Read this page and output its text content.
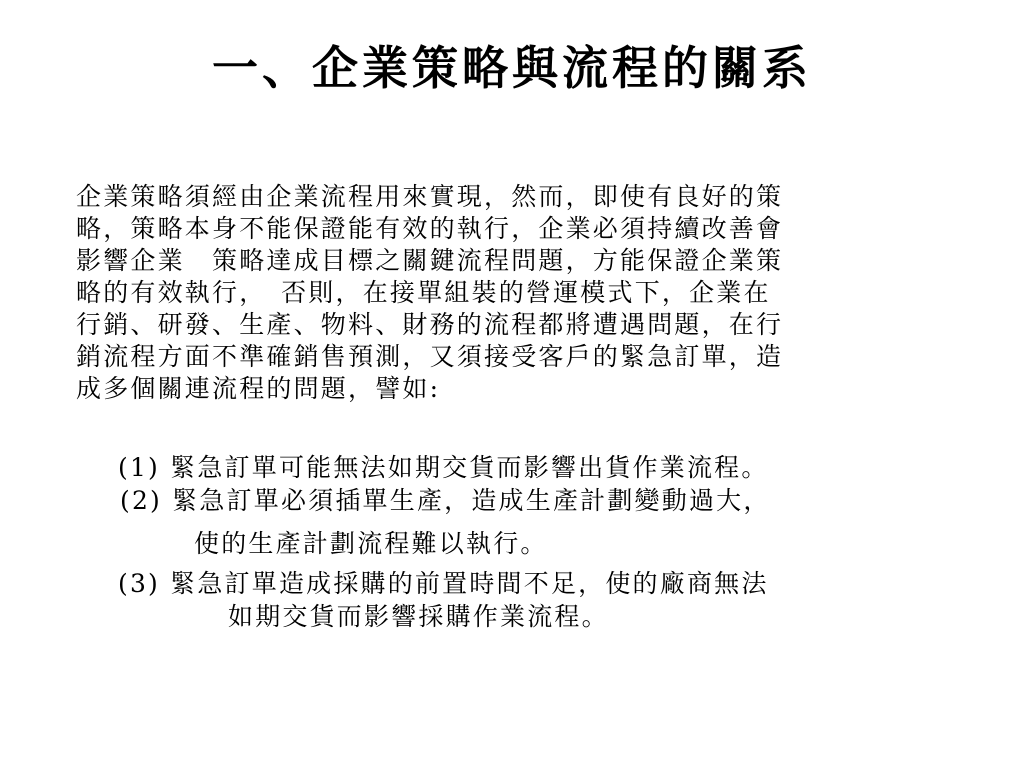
一、企業策略與流程的關系
企業策略須經由企業流程用來實現，然而，即使有良好的策
略，策略本身不能保證能有效的執行，企業必須持續改善會
影響企業　策略達成目標之關鍵流程問題，方能保證企業策
略的有效執行，　否則，在接單組裝的營運模式下，企業在
行銷、研發、生產、物料、財務的流程都將遭遇問題，在行
銷流程方面不準確銷售預測，又須接受客戶的緊急訂單，造
成多個關連流程的問題，譬如:
(1) 緊急訂單可能無法如期交貨而影響出貨作業流程。
(2) 緊急訂單必須插單生產，造成生產計劃變動過大，
使的生產計劃流程難以執行。
(3) 緊急訂單造成採購的前置時間不足，使的廠商無法
如期交貨而影響採購作業流程。
